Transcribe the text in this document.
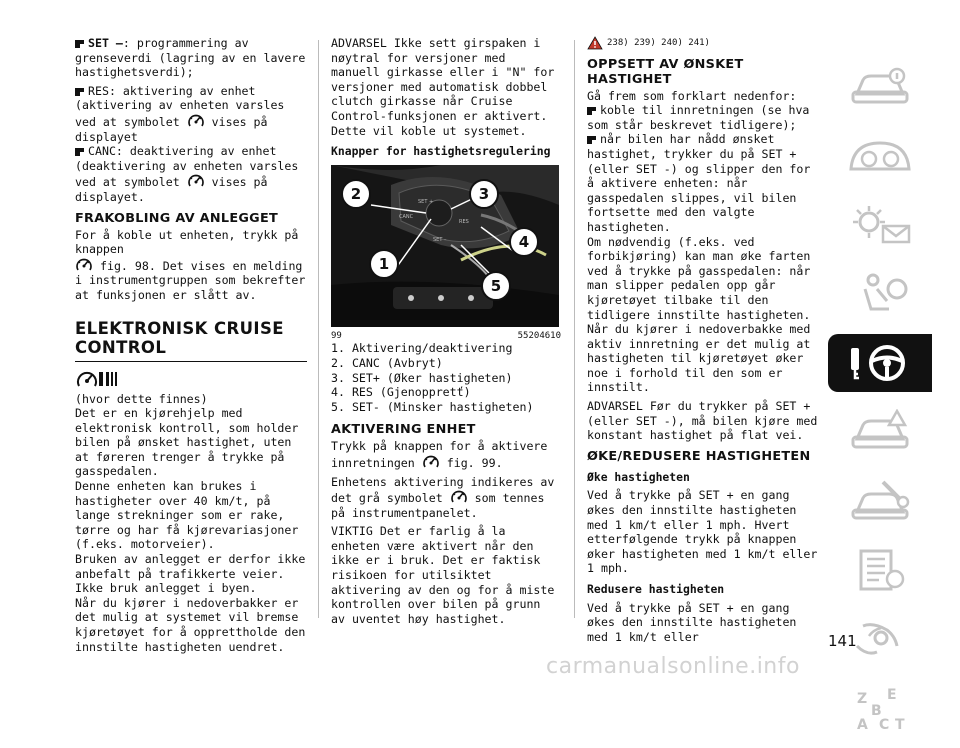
SET –: programmering av grenseverdi (lagring av en lavere hastighetsverdi);

RES: aktivering av enhet (aktivering av enheten varsles ved at symbolet	vises på displayet

CANC: deaktivering av enhet (deaktivering av enheten varsles ved at symbolet	vises på displayet.

FRAKOBLING AV ANLEGGET

For å koble ut enheten, trykk på knappen
fig. 98. Det vises en melding i instrumentgruppen som bekrefter at funksjonen er slått av.

ELEKTRONISK CRUISE CONTROL

(hvor dette finnes)

Det er en kjørehjelp med elektronisk kontroll, som holder bilen på ønsket hastighet, uten at føreren trenger å trykke på gasspedalen.

Denne enheten kan brukes i hastigheter over 40 km/t, på lange strekninger som er rake, tørre og har få kjørevariasjoner (f.eks. motorveier).

Bruken av anlegget er derfor ikke anbefalt på trafikkerte veier. Ikke bruk anlegget i byen.

Når du kjører i nedoverbakker er det mulig at systemet vil bremse kjøretøyet for å opprettholde den innstilte hastigheten uendret.

ADVARSEL Ikke sett girspaken i nøytral for versjoner med manuell girkasse eller i "N" for versjoner med automatisk dobbel clutch girkasse når Cruise Control-funksjonen er aktivert. Dette vil koble ut systemet.

Knapper for hastighetsregulering
SET +
CANC
RES
SET –
2	3
4
1
5
99	55204610
1. Aktivering/deaktivering
2. CANC (Avbryt)
3. SET+ (Øker hastigheten)
4. RES (Gjenoppretť)
5. SET- (Minsker hastigheten)
AKTIVERING ENHET

Trykk på knappen for å aktivere innretningen	fig. 99.

Enhetens aktivering indikeres av det grå symbolet	som tennes på instrumentpanelet.

VIKTIG Det er farlig å la enheten være aktivert når den ikke er i bruk. Det er faktisk risikoen for utilsiktet aktivering av den og for å miste kontrollen over bilen på grunn av uventet høy hastighet.

238) 239) 240) 241)
OPPSETT AV ØNSKET HASTIGHET

Gå frem som forklart nedenfor:

koble til innretningen (se hva som står beskrevet tidligere);

når bilen har nådd ønsket hastighet, trykker du på SET + (eller SET -) og slipper den for å aktivere enheten: når gasspedalen slippes, vil bilen fortsette med den valgte hastigheten.

Om nødvendig (f.eks. ved forbikjøring) kan man øke farten ved å trykke på gasspedalen: når man slipper pedalen opp går kjøretøyet tilbake til den tidligere innstilte hastigheten.

Når du kjører i nedoverbakke med aktiv innretning er det mulig at hastigheten til kjøretøyet øker noe i forhold til den som er innstilt.

ADVARSEL Før du trykker på SET + (eller SET -), må bilen kjøre med konstant hastighet på flat vei.

ØKE/REDUSERE HASTIGHETEN
Øke hastigheten

Ved å trykke på SET + en gang økes den innstilte hastigheten med 1 km/t eller 1 mph. Hvert etterfølgende trykk på knappen øker hastigheten med 1 km/t eller 1 mph.

Redusere hastigheten

Ved å trykke på SET + en gang økes den innstilte hastigheten med 1 km/t eller

Z E
B
A C T
141
carmanualsonline.info
